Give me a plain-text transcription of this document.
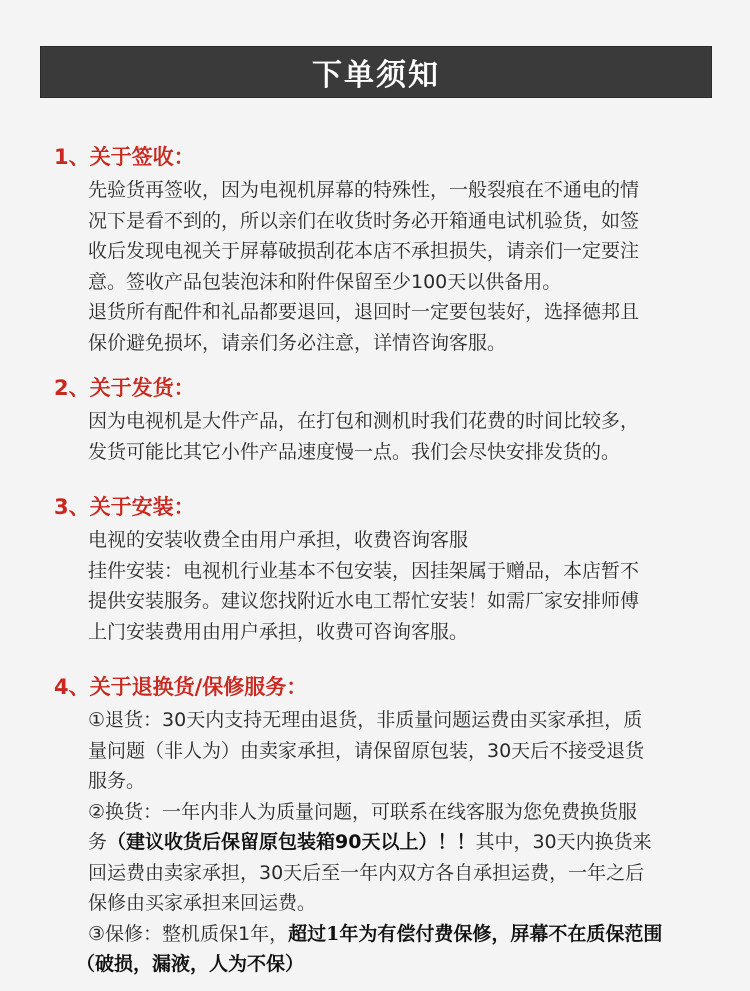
下单须知
1、关于签收：
先验货再签收，因为电视机屏幕的特殊性，一般裂痕在不通电的情
况下是看不到的，所以亲们在收货时务必开箱通电试机验货，如签
收后发现电视关于屏幕破损刮花本店不承担损失，请亲们一定要注
意。签收产品包装泡沫和附件保留至少100天以供备用。
退货所有配件和礼品都要退回，退回时一定要包装好，选择德邦且
保价避免损坏，请亲们务必注意，详情咨询客服。
2、关于发货：
因为电视机是大件产品，在打包和测机时我们花费的时间比较多，
发货可能比其它小件产品速度慢一点。我们会尽快安排发货的。
3、关于安装：
电视的安装收费全由用户承担，收费咨询客服
挂件安装：电视机行业基本不包安装，因挂架属于赠品，本店暂不
提供安装服务。建议您找附近水电工帮忙安装！如需厂家安排师傅
上门安装费用由用户承担，收费可咨询客服。
4、关于退换货/保修服务：
①退货：30天内支持无理由退货，非质量问题运费由买家承担，质
量问题（非人为）由卖家承担，请保留原包装，30天后不接受退货
服务。
②换货：一年内非人为质量问题，可联系在线客服为您免费换货服
务（建议收货后保留原包装箱90天以上）！！其中，30天内换货来
回运费由卖家承担，30天后至一年内双方各自承担运费，一年之后
保修由买家承担来回运费。
③保修：整机质保1年，超过1年为有偿付费保修，屏幕不在质保范围
（破损，漏液，人为不保）
